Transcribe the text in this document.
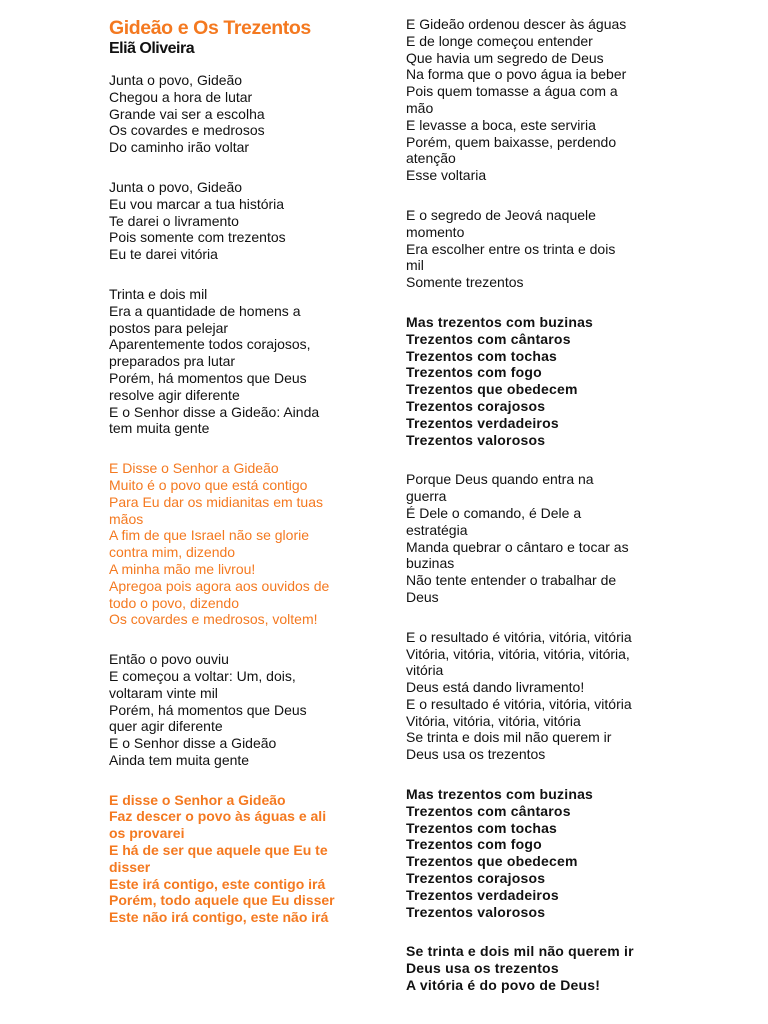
Gideão e Os Trezentos
Eliã Oliveira
Junta o povo, Gideão
Chegou a hora de lutar
Grande vai ser a escolha
Os covardes e medrosos
Do caminho irão voltar
Junta o povo, Gideão
Eu vou marcar a tua história
Te darei o livramento
Pois somente com trezentos
Eu te darei vitória
Trinta e dois mil
Era a quantidade de homens a
postos para pelejar
Aparentemente todos corajosos,
preparados pra lutar
Porém, há momentos que Deus
resolve agir diferente
E o Senhor disse a Gideão: Ainda
tem muita gente
E Disse o Senhor a Gideão
Muito é o povo que está contigo
Para Eu dar os midianitas em tuas
mãos
A fim de que Israel não se glorie
contra mim, dizendo
A minha mão me livrou!
Apregoa pois agora aos ouvidos de
todo o povo, dizendo
Os covardes e medrosos, voltem!
Então o povo ouviu
E começou a voltar: Um, dois,
voltaram vinte mil
Porém, há momentos que Deus
quer agir diferente
E o Senhor disse a Gideão
Ainda tem muita gente
E disse o Senhor a Gideão
Faz descer o povo às águas e ali
os provarei
E há de ser que aquele que Eu te
disser
Este irá contigo, este contigo irá
Porém, todo aquele que Eu disser
Este não irá contigo, este não irá
E Gideão ordenou descer às águas
E de longe começou entender
Que havia um segredo de Deus
Na forma que o povo água ia beber
Pois quem tomasse a água com a
mão
E levasse a boca, este serviria
Porém, quem baixasse, perdendo
atenção
Esse voltaria
E o segredo de Jeová naquele
momento
Era escolher entre os trinta e dois
mil
Somente trezentos
Mas trezentos com buzinas
Trezentos com cântaros
Trezentos com tochas
Trezentos com fogo
Trezentos que obedecem
Trezentos corajosos
Trezentos verdadeiros
Trezentos valorosos
Porque Deus quando entra na
guerra
É Dele o comando, é Dele a
estratégia
Manda quebrar o cântaro e tocar as
buzinas
Não tente entender o trabalhar de
Deus
E o resultado é vitória, vitória, vitória
Vitória, vitória, vitória, vitória, vitória,
vitória
Deus está dando livramento!
E o resultado é vitória, vitória, vitória
Vitória, vitória, vitória, vitória
Se trinta e dois mil não querem ir
Deus usa os trezentos
Mas trezentos com buzinas
Trezentos com cântaros
Trezentos com tochas
Trezentos com fogo
Trezentos que obedecem
Trezentos corajosos
Trezentos verdadeiros
Trezentos valorosos
Se trinta e dois mil não querem ir
Deus usa os trezentos
A vitória é do povo de Deus!
